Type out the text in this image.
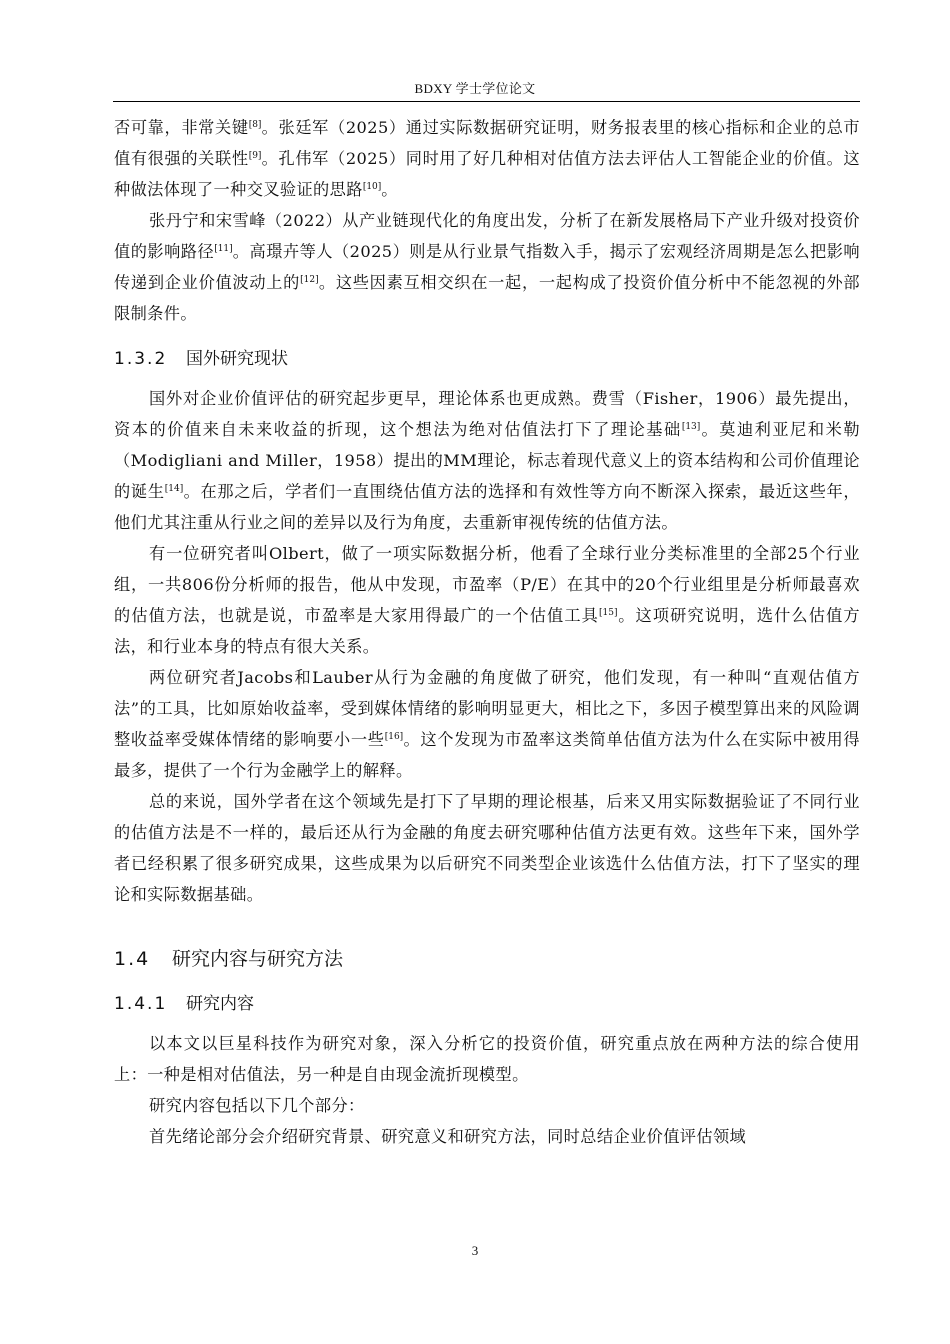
BDXY 学士学位论文

否可靠，非常关键[8]。张廷军（2025）通过实际数据研究证明，财务报表里的核心指标和企业的总市值有很强的关联性[9]。孔伟军（2025）同时用了好几种相对估值方法去评估人工智能企业的价值。这种做法体现了一种交叉验证的思路[10]。

张丹宁和宋雪峰（2022）从产业链现代化的角度出发，分析了在新发展格局下产业升级对投资价值的影响路径[11]。高璟卉等人（2025）则是从行业景气指数入手，揭示了宏观经济周期是怎么把影响传递到企业价值波动上的[12]。这些因素互相交织在一起，一起构成了投资价值分析中不能忽视的外部限制条件。

1.3.2 国外研究现状

国外对企业价值评估的研究起步更早，理论体系也更成熟。费雪（Fisher，1906）最先提出，资本的价值来自未来收益的折现，这个想法为绝对估值法打下了理论基础[13]。莫迪利亚尼和米勒（Modigliani and Miller，1958）提出的MM理论，标志着现代意义上的资本结构和公司价值理论的诞生[14]。在那之后，学者们一直围绕估值方法的选择和有效性等方向不断深入探索，最近这些年，他们尤其注重从行业之间的差异以及行为角度，去重新审视传统的估值方法。

有一位研究者叫Olbert，做了一项实际数据分析，他看了全球行业分类标准里的全部25个行业组，一共806份分析师的报告，他从中发现，市盈率（P/E）在其中的20个行业组里是分析师最喜欢的估值方法，也就是说，市盈率是大家用得最广的一个估值工具[15]。这项研究说明，选什么估值方法，和行业本身的特点有很大关系。

两位研究者Jacobs和Lauber从行为金融的角度做了研究，他们发现，有一种叫“直观估值方法”的工具，比如原始收益率，受到媒体情绪的影响明显更大，相比之下，多因子模型算出来的风险调整收益率受媒体情绪的影响要小一些[16]。这个发现为市盈率这类简单估值方法为什么在实际中被用得最多，提供了一个行为金融学上的解释。

总的来说，国外学者在这个领域先是打下了早期的理论根基，后来又用实际数据验证了不同行业的估值方法是不一样的，最后还从行为金融的角度去研究哪种估值方法更有效。这些年下来，国外学者已经积累了很多研究成果，这些成果为以后研究不同类型企业该选什么估值方法，打下了坚实的理论和实际数据基础。

1.4 研究内容与研究方法
1.4.1 研究内容

以本文以巨星科技作为研究对象，深入分析它的投资价值，研究重点放在两种方法的综合使用上：一种是相对估值法，另一种是自由现金流折现模型。

研究内容包括以下几个部分：

首先绪论部分会介绍研究背景、研究意义和研究方法，同时总结企业价值评估领域

3
